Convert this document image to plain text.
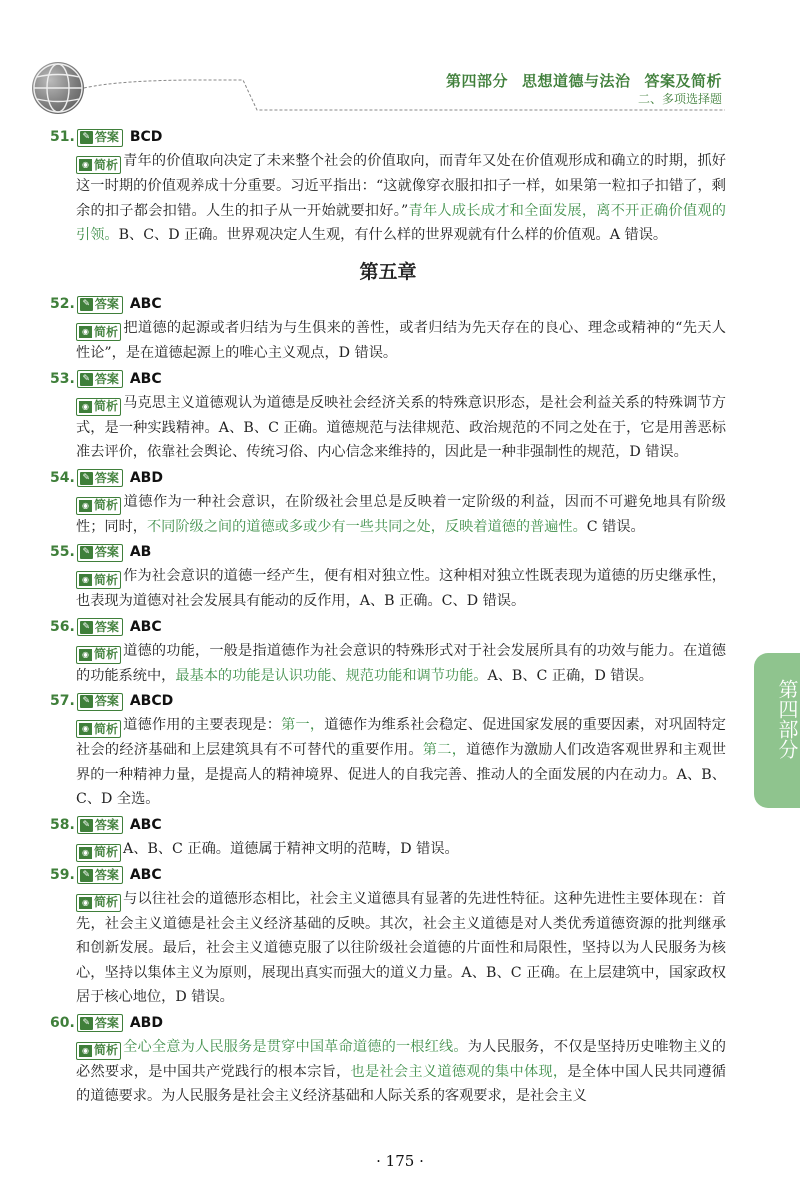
第四部分 思想道德与法治 答案及简析
二、多项选择题
51. ✎ 答案 BCD
◉ 简析 青年的价值取向决定了未来整个社会的价值取向，而青年又处在价值观形成和确立的时期，抓好这一时期的价值观养成十分重要。习近平指出：“这就像穿衣服扣扣子一样，如果第一粒扣子扣错了，剩余的扣子都会扣错。人生的扣子从一开始就要扣好。”青年人成长成才和全面发展，离不开正确价值观的引领。B、C、D 正确。世界观决定人生观，有什么样的世界观就有什么样的价值观。A 错误。
第五章
52. ✎ 答案 ABC
◉ 简析 把道德的起源或者归结为与生俱来的善性，或者归结为先天存在的良心、理念或精神的“先天人性论”，是在道德起源上的唯心主义观点，D 错误。
53. ✎ 答案 ABC
◉ 简析 马克思主义道德观认为道德是反映社会经济关系的特殊意识形态，是社会利益关系的特殊调节方式，是一种实践精神。A、B、C 正确。道德规范与法律规范、政治规范的不同之处在于，它是用善恶标准去评价，依靠社会舆论、传统习俗、内心信念来维持的，因此是一种非强制性的规范，D 错误。
54. ✎ 答案 ABD
◉ 简析 道德作为一种社会意识，在阶级社会里总是反映着一定阶级的利益，因而不可避免地具有阶级性；同时，不同阶级之间的道德或多或少有一些共同之处，反映着道德的普遍性。C 错误。
55. ✎ 答案 AB
◉ 简析 作为社会意识的道德一经产生，便有相对独立性。这种相对独立性既表现为道德的历史继承性，也表现为道德对社会发展具有能动的反作用，A、B 正确。C、D 错误。
56. ✎ 答案 ABC
◉ 简析 道德的功能，一般是指道德作为社会意识的特殊形式对于社会发展所具有的功效与能力。在道德的功能系统中，最基本的功能是认识功能、规范功能和调节功能。A、B、C 正确，D 错误。
57. ✎ 答案 ABCD
◉ 简析 道德作用的主要表现是：第一，道德作为维系社会稳定、促进国家发展的重要因素，对巩固特定社会的经济基础和上层建筑具有不可替代的重要作用。第二，道德作为激励人们改造客观世界和主观世界的一种精神力量，是提高人的精神境界、促进人的自我完善、推动人的全面发展的内在动力。A、B、C、D 全选。
58. ✎ 答案 ABC
◉ 简析 A、B、C 正确。道德属于精神文明的范畴，D 错误。
59. ✎ 答案 ABC
◉ 简析 与以往社会的道德形态相比，社会主义道德具有显著的先进性特征。这种先进性主要体现在：首先，社会主义道德是社会主义经济基础的反映。其次，社会主义道德是对人类优秀道德资源的批判继承和创新发展。最后，社会主义道德克服了以往阶级社会道德的片面性和局限性，坚持以为人民服务为核心，坚持以集体主义为原则，展现出真实而强大的道义力量。A、B、C 正确。在上层建筑中，国家政权居于核心地位，D 错误。
60. ✎ 答案 ABD
◉ 简析 全心全意为人民服务是贯穿中国革命道德的一根红线。为人民服务，不仅是坚持历史唯物主义的必然要求，是中国共产党践行的根本宗旨，也是社会主义道德观的集中体现，是全体中国人民共同遵循的道德要求。为人民服务是社会主义经济基础和人际关系的客观要求，是社会主义
第四部分
· 175 ·
